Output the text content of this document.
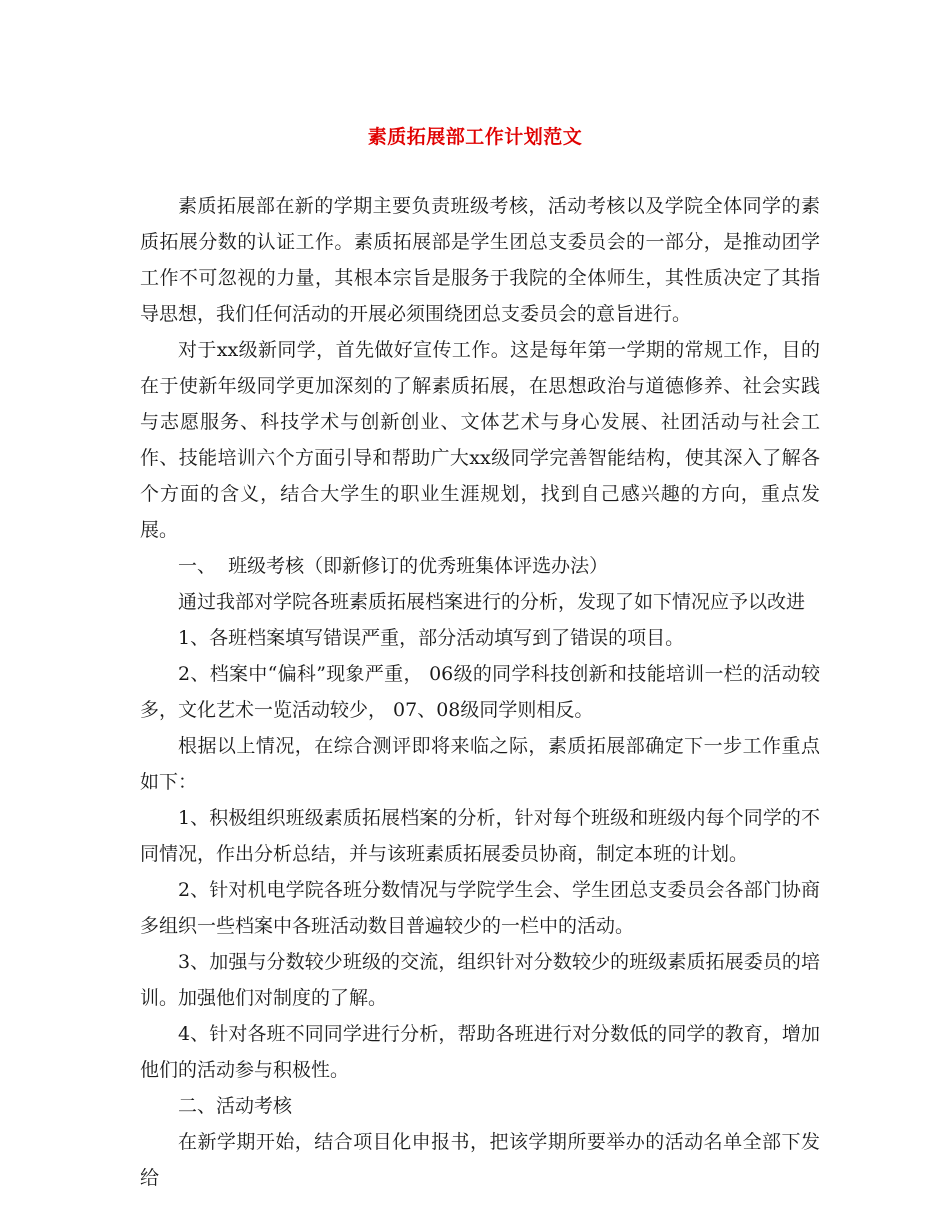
素质拓展部工作计划范文

素质拓展部在新的学期主要负责班级考核，活动考核以及学院全体同学的素质拓展分数的认证工作。素质拓展部是学生团总支委员会的一部分，是推动团学工作不可忽视的力量，其根本宗旨是服务于我院的全体师生，其性质决定了其指导思想，我们任何活动的开展必须围绕团总支委员会的意旨进行。

对于xx级新同学，首先做好宣传工作。这是每年第一学期的常规工作，目的在于使新年级同学更加深刻的了解素质拓展，在思想政治与道德修养、社会实践与志愿服务、科技学术与创新创业、文体艺术与身心发展、社团活动与社会工作、技能培训六个方面引导和帮助广大xx级同学完善智能结构，使其深入了解各个方面的含义，结合大学生的职业生涯规划，找到自己感兴趣的方向，重点发展。

一、  班级考核（即新修订的优秀班集体评选办法）

通过我部对学院各班素质拓展档案进行的分析，发现了如下情况应予以改进

1、各班档案填写错误严重，部分活动填写到了错误的项目。

2、档案中“偏科”现象严重， 06级的同学科技创新和技能培训一栏的活动较多，文化艺术一览活动较少， 07、08级同学则相反。

根据以上情况，在综合测评即将来临之际，素质拓展部确定下一步工作重点如下：

1、积极组织班级素质拓展档案的分析，针对每个班级和班级内每个同学的不同情况，作出分析总结，并与该班素质拓展委员协商，制定本班的计划。

2、针对机电学院各班分数情况与学院学生会、学生团总支委员会各部门协商多组织一些档案中各班活动数目普遍较少的一栏中的活动。

3、加强与分数较少班级的交流，组织针对分数较少的班级素质拓展委员的培训。加强他们对制度的了解。

4、针对各班不同同学进行分析，帮助各班进行对分数低的同学的教育，增加他们的活动参与积极性。

二、活动考核

在新学期开始，结合项目化申报书，把该学期所要举办的活动名单全部下发给
